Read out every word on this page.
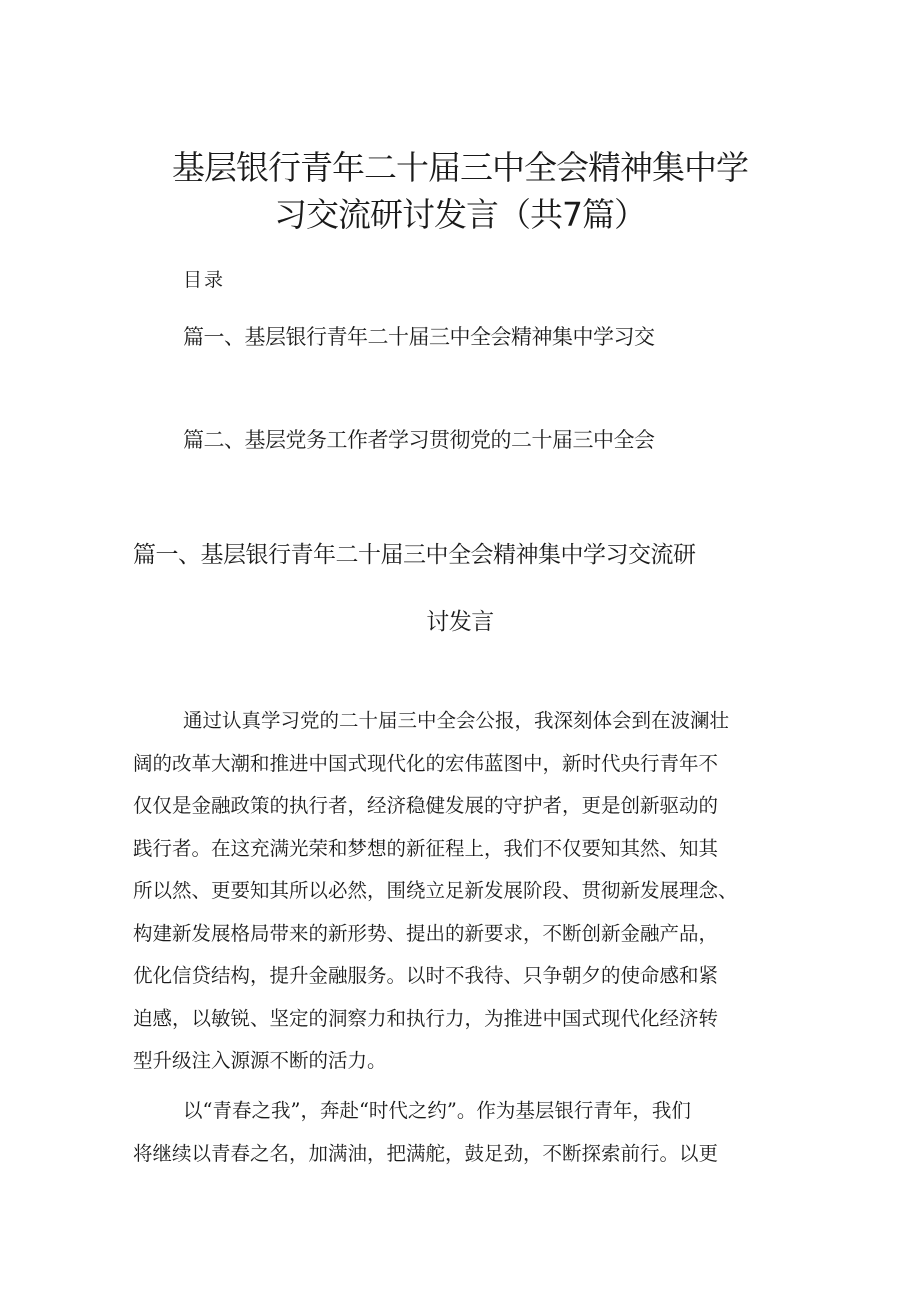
基层银行青年二十届三中全会精神集中学
习交流研讨发言（共7篇）
目录
篇一、基层银行青年二十届三中全会精神集中学习交
篇二、基层党务工作者学习贯彻党的二十届三中全会
篇一、基层银行青年二十届三中全会精神集中学习交流研
讨发言
通过认真学习党的二十届三中全会公报，我深刻体会到在波澜壮
阔的改革大潮和推进中国式现代化的宏伟蓝图中，新时代央行青年不
仅仅是金融政策的执行者，经济稳健发展的守护者，更是创新驱动的
践行者。在这充满光荣和梦想的新征程上，我们不仅要知其然、知其
所以然、更要知其所以必然，围绕立足新发展阶段、贯彻新发展理念、
构建新发展格局带来的新形势、提出的新要求，不断创新金融产品，
优化信贷结构，提升金融服务。以时不我待、只争朝夕的使命感和紧
迫感，以敏锐、坚定的洞察力和执行力，为推进中国式现代化经济转
型升级注入源源不断的活力。
以“青春之我”，奔赴“时代之约”。作为基层银行青年，我们
将继续以青春之名，加满油，把满舵，鼓足劲，不断探索前行。以更
